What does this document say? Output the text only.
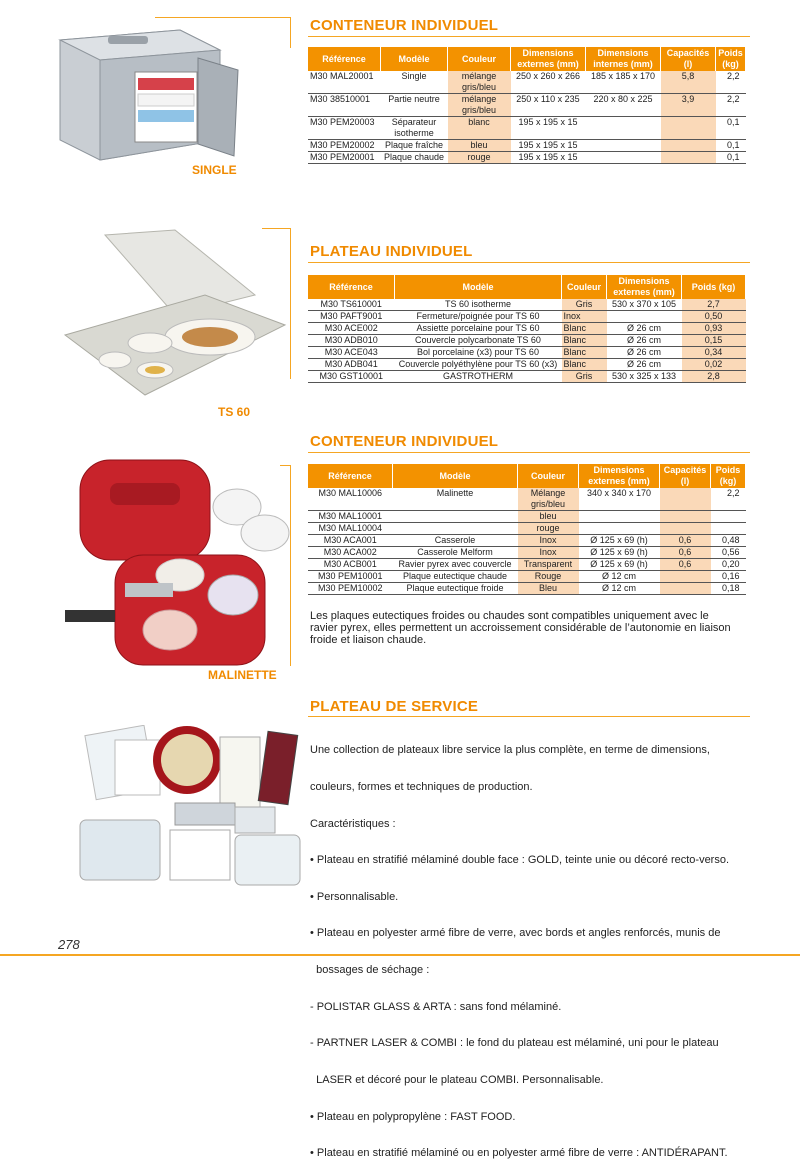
SINGLE
CONTENEUR INDIVIDUEL
Référence	Modèle	Couleur	Dimensions externes (mm)	Dimensions internes (mm)	Capacités (l)	Poids (kg)
M30 MAL20001	Single	mélange gris/bleu	250 x 260 x 266	185 x 185 x 170	5,8	2,2
M30 38510001	Partie neutre	mélange gris/bleu	250 x 110 x 235	220 x 80 x 225	3,9	2,2
M30 PEM20003	Séparateur isotherme	blanc	195 x 195 x 15			0,1
M30 PEM20002	Plaque fraîche	bleu	195 x 195 x 15			0,1
M30 PEM20001	Plaque chaude	rouge	195 x 195 x 15			0,1
TS 60
PLATEAU INDIVIDUEL
Référence	Modèle	Couleur	Dimensions externes (mm)	Poids (kg)
M30 TS610001	TS 60 isotherme	Gris	530 x 370 x 105	2,7
M30 PAFT9001	Fermeture/poignée pour TS 60	Inox		0,50
M30 ACE002	Assiette porcelaine pour TS 60	Blanc	Ø 26 cm	0,93
M30 ADB010	Couvercle polycarbonate TS 60	Blanc	Ø 26 cm	0,15
M30 ACE043	Bol porcelaine (x3) pour TS 60	Blanc	Ø 26 cm	0,34
M30 ADB041	Couvercle polyéthylène pour TS 60 (x3)	Blanc	Ø 26 cm	0,02
M30 GST10001	GASTROTHERM	Gris	530 x 325 x 133	2,8
MALINETTE
CONTENEUR INDIVIDUEL
Référence	Modèle	Couleur	Dimensions externes (mm)	Capacités (l)	Poids (kg)
M30 MAL10006	Malinette	Mélange gris/bleu	340 x 340 x 170		2,2
M30 MAL10001		bleu			
M30 MAL10004		rouge			
M30 ACA001	Casserole	Inox	Ø 125 x 69 (h)	0,6	0,48
M30 ACA002	Casserole Melform	Inox	Ø 125 x 69 (h)	0,6	0,56
M30 ACB001	Ravier pyrex avec couvercle	Transparent	Ø 125 x 69 (h)	0,6	0,20
M30 PEM10001	Plaque eutectique chaude	Rouge	Ø 12 cm		0,16
M30 PEM10002	Plaque eutectique froide	Bleu	Ø 12 cm		0,18
Les plaques eutectiques froides ou chaudes sont compatibles uniquement avec le
ravier pyrex, elles permettent un accroissement considérable de l’autonomie en liaison
froide et liaison chaude.
PLATEAU DE SERVICE

Une collection de plateaux libre service la plus complète, en terme de dimensions,

couleurs, formes et techniques de production.

Caractéristiques :

• Plateau en stratifié mélaminé double face : GOLD, teinte unie ou décoré recto-verso.

• Personnalisable.

• Plateau en polyester armé fibre de verre, avec bords et angles renforcés, munis de

bossages de séchage :

- POLISTAR GLASS & ARTA : sans fond mélaminé.

- PARTNER LASER & COMBI : le fond du plateau est mélaminé, uni pour le plateau

LASER et décoré pour le plateau COMBI. Personnalisable.

• Plateau en polypropylène : FAST FOOD.

• Plateau en stratifié mélaminé ou en polyester armé fibre de verre : ANTIDÉRAPANT.

278
